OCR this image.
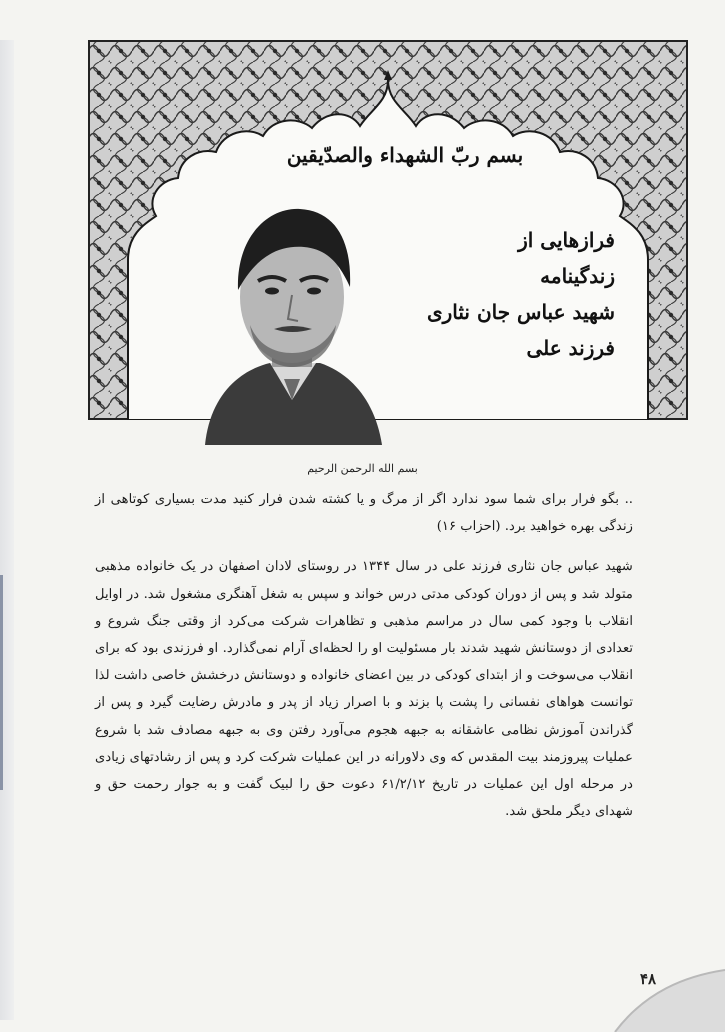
بسم ربّ الشهداء والصدّیقین
فرازهایی از
زندگینامه
شهید عباس جان نثاری
فرزند علی
بسم الله الرحمن الرحیم

.. بگو فرار برای شما سود ندارد اگر از مرگ و یا کشته شدن فرار کنید مدت بسیاری کوتاهی از زندگی بهره خواهید برد. (احزاب ۱۶)

شهید عباس جان نثاری فرزند علی در سال ۱۳۴۴ در روستای لادان اصفهان در یک خانواده مذهبی متولد شد و پس از دوران کودکی مدتی درس خواند و سپس به شغل آهنگری مشغول شد. در اوایل انقلاب با وجود کمی سال در مراسم مذهبی و تظاهرات شرکت می‌کرد از وقتی جنگ شروع و تعدادی از دوستانش شهید شدند بار مسئولیت او را لحظه‌ای آرام نمی‌گذارد. او فرزندی بود که برای انقلاب می‌سوخت و از ابتدای کودکی در بین اعضای خانواده و دوستانش درخشش خاصی داشت لذا توانست هواهای نفسانی را پشت پا بزند و با اصرار زیاد از پدر و مادرش رضایت گیرد و پس از گذراندن آموزش نظامی عاشقانه به جبهه هجوم می‌آورد رفتن وی به جبهه مصادف شد با شروع عملیات پیروزمند بیت المقدس که وی دلاورانه در این عملیات شرکت کرد و پس از رشادتهای زیادی در مرحله اول این عملیات در تاریخ ۶۱/۲/۱۲ دعوت حق را لبیک گفت و به جوار رحمت حق و شهدای دیگر ملحق شد.

۴۸
